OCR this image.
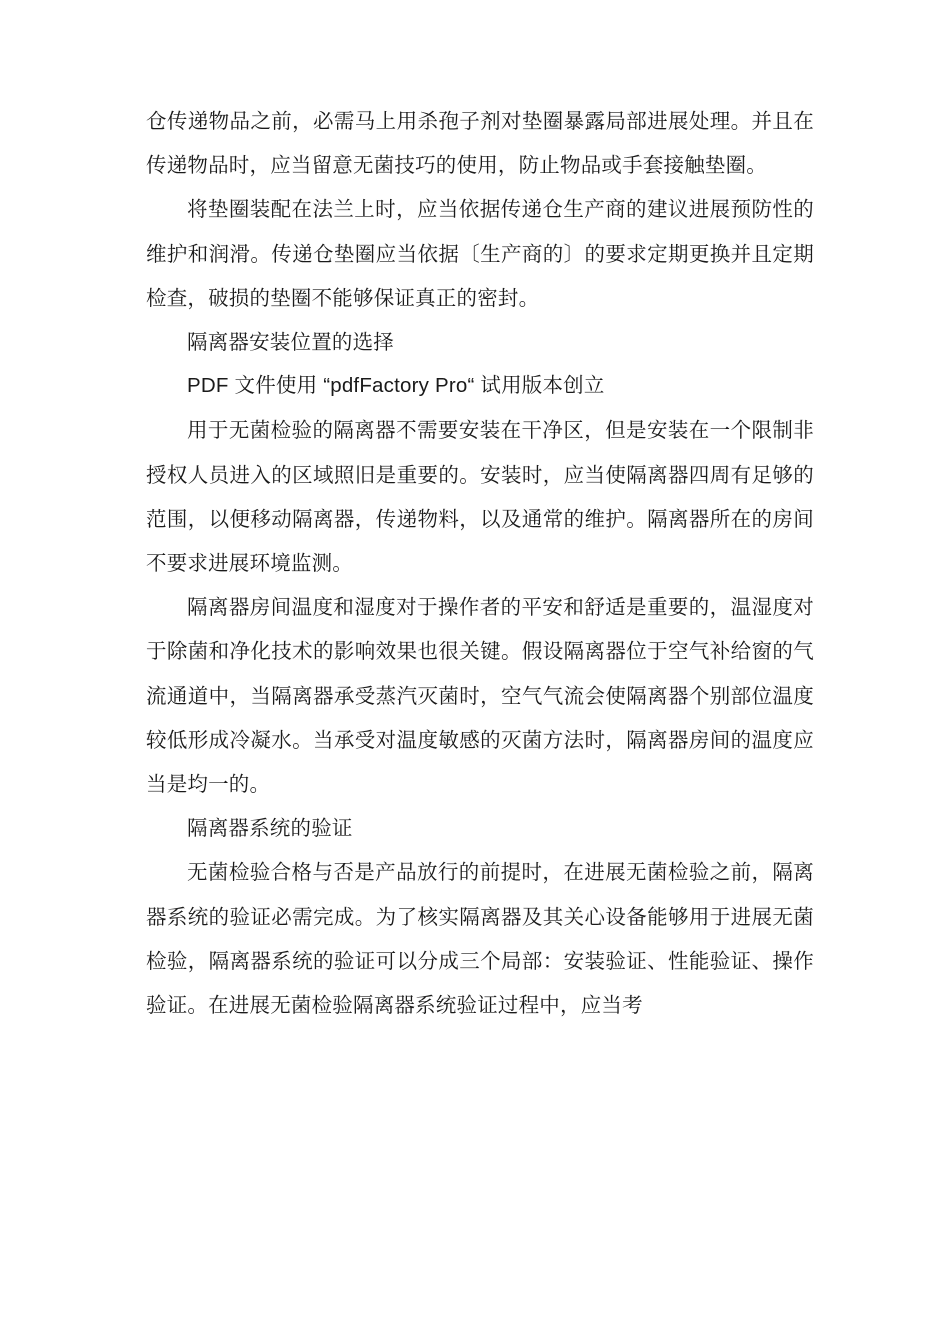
仓传递物品之前，必需马上用杀孢子剂对垫圈暴露局部进展处理。并且在传递物品时，应当留意无菌技巧的使用，防止物品或手套接触垫圈。

将垫圈装配在法兰上时，应当依据传递仓生产商的建议进展预防性的维护和润滑。传递仓垫圈应当依据〔生产商的〕的要求定期更换并且定期检查，破损的垫圈不能够保证真正的密封。

隔离器安装位置的选择

PDF 文件使用 “pdfFactory Pro“ 试用版本创立

用于无菌检验的隔离器不需要安装在干净区，但是安装在一个限制非授权人员进入的区域照旧是重要的。安装时，应当使隔离器四周有足够的范围，以便移动隔离器，传递物料，以及通常的维护。隔离器所在的房间不要求进展环境监测。

隔离器房间温度和湿度对于操作者的平安和舒适是重要的，温湿度对于除菌和净化技术的影响效果也很关键。假设隔离器位于空气补给窗的气流通道中，当隔离器承受蒸汽灭菌时，空气气流会使隔离器个别部位温度较低形成冷凝水。当承受对温度敏感的灭菌方法时，隔离器房间的温度应当是均一的。

隔离器系统的验证

无菌检验合格与否是产品放行的前提时，在进展无菌检验之前，隔离器系统的验证必需完成。为了核实隔离器及其关心设备能够用于进展无菌检验，隔离器系统的验证可以分成三个局部：安装验证、性能验证、操作验证。在进展无菌检验隔离器系统验证过程中，应当考
